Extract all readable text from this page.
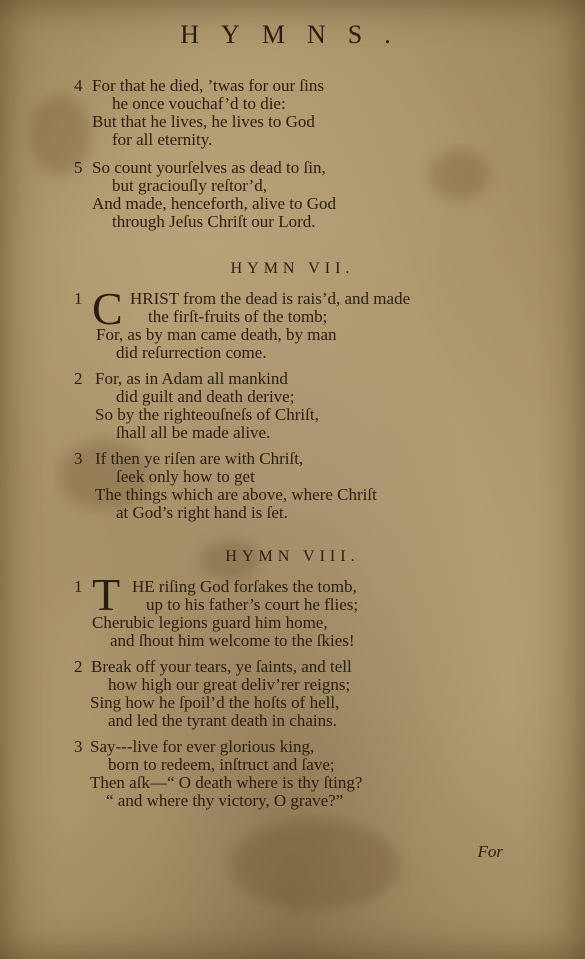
HYMNS.
4 For that he died, ’twas for our ſins
he once vouchaf’d to die:
But that he lives, he lives to God
for all eternity.
5 So count yourſelves as dead to ſin,
but graciouſly reſtor’d,
And made, henceforth, alive to God
through Jeſus Chriſt our Lord.
HYMN VII.
1 C HRIST from the dead is rais’d, and made
the firſt-fruits of the tomb;
For, as by man came death, by man
did reſurrection come.
2 For, as in Adam all mankind
did guilt and death derive;
So by the righteouſneſs of Chriſt,
ſhall all be made alive.
3 If then ye riſen are with Chriſt,
ſeek only how to get
The things which are above, where Chriſt
at God’s right hand is ſet.
HYMN VIII.
1 T HE riſing God forſakes the tomb,
up to his father’s court he flies;
Cherubic legions guard him home,
and ſhout him welcome to the ſkies!
2 Break off your tears, ye ſaints, and tell
how high our great deliv’rer reigns;
Sing how he ſpoil’d the hoſts of hell,
and led the tyrant death in chains.
3 Say---live for ever glorious king,
born to redeem, inſtruct and ſave;
Then aſk—“ O death where is thy ſting?
“ and where thy victory, O grave?”
For
